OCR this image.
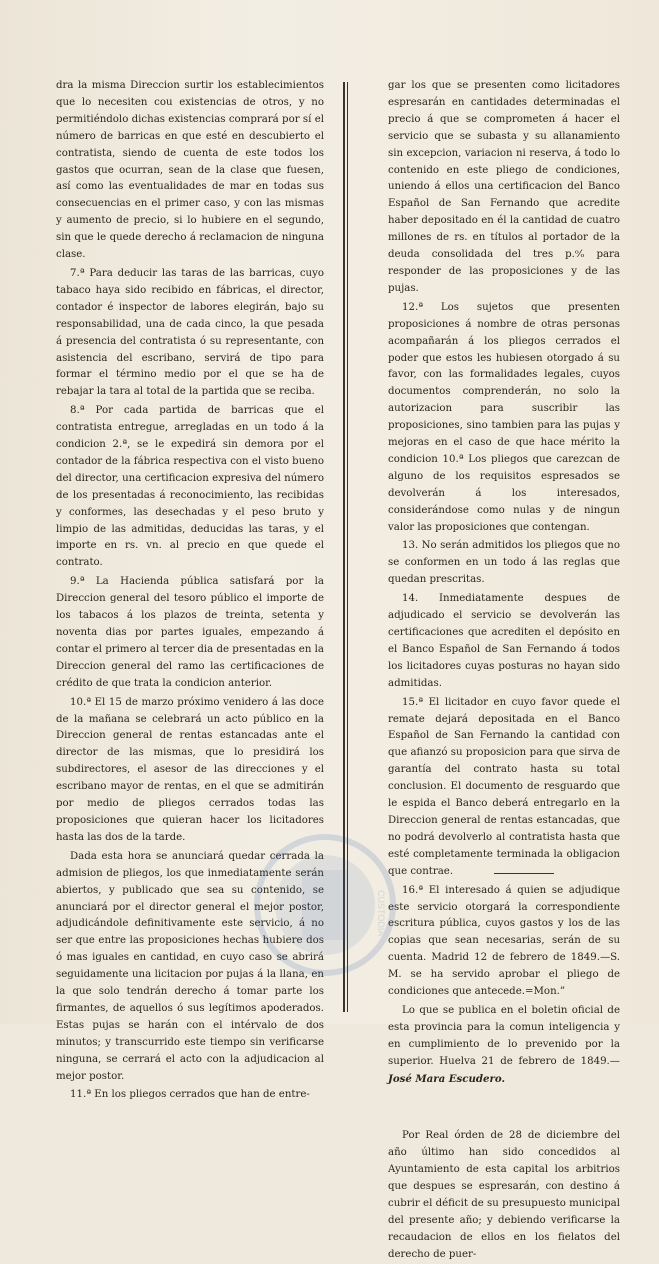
dra la misma Direccion surtir los establecimientos que lo necesiten cou existencias de otros, y no permitiéndolo dichas existencias comprará por sí el número de barricas en que esté en descubierto el contratista, siendo de cuenta de este todos los gastos que ocurran, sean de la clase que fuesen, así como las eventualidades de mar en todas sus consecuencias en el primer caso, y con las mismas y aumento de precio, si lo hubiere en el segundo, sin que le quede derecho á reclamacion de ninguna clase.

7.ª Para deducir las taras de las barricas, cuyo tabaco haya sido recibido en fábricas, el director, contador é inspector de labores elegirán, bajo su responsabilidad, una de cada cinco, la que pesada á presencia del contratista ó su representante, con asistencia del escribano, servirá de tipo para formar el término medio por el que se ha de rebajar la tara al total de la partida que se reciba.

8.ª Por cada partida de barricas que el contratista entregue, arregladas en un todo á la condicion 2.ª, se le expedirá sin demora por el contador de la fábrica respectiva con el visto bueno del director, una certificacion expresiva del número de los presentadas á reconocimiento, las recibidas y conformes, las desechadas y el peso bruto y limpio de las admitidas, deducidas las taras, y el importe en rs. vn. al precio en que quede el contrato.

9.ª La Hacienda pública satisfará por la Direccion general del tesoro público el importe de los tabacos á los plazos de treinta, setenta y noventa dias por partes iguales, empezando á contar el primero al tercer dia de presentadas en la Direccion general del ramo las certificaciones de crédito de que trata la condicion anterior.

10.ª El 15 de marzo próximo venidero á las doce de la mañana se celebrará un acto público en la Direccion general de rentas estancadas ante el director de las mismas, que lo presidirá los subdirectores, el asesor de las direcciones y el escribano mayor de rentas, en el que se admitirán por medio de pliegos cerrados todas las proposiciones que quieran hacer los licitadores hasta las dos de la tarde.

Dada esta hora se anunciará quedar cerrada la admision de pliegos, los que inmediatamente serán abiertos, y publicado que sea su contenido, se anunciará por el director general el mejor postor, adjudicándole definitivamente este servicio, á no ser que entre las proposiciones hechas hubiere dos ó mas iguales en cantidad, en cuyo caso se abrirá seguidamente una licitacion por pujas á la llana, en la que solo tendrán derecho á tomar parte los firmantes, de aquellos ó sus legítimos apoderados. Estas pujas se harán con el intérvalo de dos minutos; y transcurrido este tiempo sin verificarse ninguna, se cerrará el acto con la adjudicacion al mejor postor.

11.ª En los pliegos cerrados que han de entre-

gar los que se presenten como licitadores espresarán en cantidades determinadas el precio á que se comprometen á hacer el servicio que se subasta y su allanamiento sin excepcion, variacion ni reserva, á todo lo contenido en este pliego de condiciones, uniendo á ellos una certificacion del Banco Español de San Fernando que acredite haber depositado en él la cantidad de cuatro millones de rs. en títulos al portador de la deuda consolidada del tres p.ᵒ⁄ₒ para responder de las proposiciones y de las pujas.

12.ª Los sujetos que presenten proposiciones á nombre de otras personas acompañarán á los pliegos cerrados el poder que estos les hubiesen otorgado á su favor, con las formalidades legales, cuyos documentos comprenderán, no solo la autorizacion para suscribir las proposiciones, sino tambien para las pujas y mejoras en el caso de que hace mérito la condicion 10.ª Los pliegos que carezcan de alguno de los requisitos espresados se devolverán á los interesados, considerándose como nulas y de ningun valor las proposiciones que contengan.

13. No serán admitidos los pliegos que no se conformen en un todo á las reglas que quedan prescritas.

14. Inmediatamente despues de adjudicado el servicio se devolverán las certificaciones que acrediten el depósito en el Banco Español de San Fernando á todos los licitadores cuyas posturas no hayan sido admitidas.

15.ª El licitador en cuyo favor quede el remate dejará depositada en el Banco Español de San Fernando la cantidad con que afianzó su proposicion para que sirva de garantía del contrato hasta su total conclusion. El documento de resguardo que le espida el Banco deberá entregarlo en la Direccion general de rentas estancadas, que no podrá devolverlo al contratista hasta que esté completamente terminada la obligacion que contrae.

16.ª El interesado á quien se adjudique este servicio otorgará la correspondiente escritura pública, cuyos gastos y los de las copias que sean necesarias, serán de su cuenta. Madrid 12 de febrero de 1849.—S. M. se ha servido aprobar el pliego de condiciones que antecede.=Mon.”

Lo que se publica en el boletin oficial de esta provincia para la comun inteligencia y en cumplimiento de lo prevenido por la superior. Huelva 21 de febrero de 1849.—José Mara Escudero.

Por Real órden de 28 de diciembre del año último han sido concedidos al Ayuntamiento de esta capital los arbitrios que despues se espresarán, con destino á cubrir el déficit de su presupuesto municipal del presente año; y debiendo verificarse la recaudacion de ellos en los fielatos del derecho de puer-

CUSTODIA
